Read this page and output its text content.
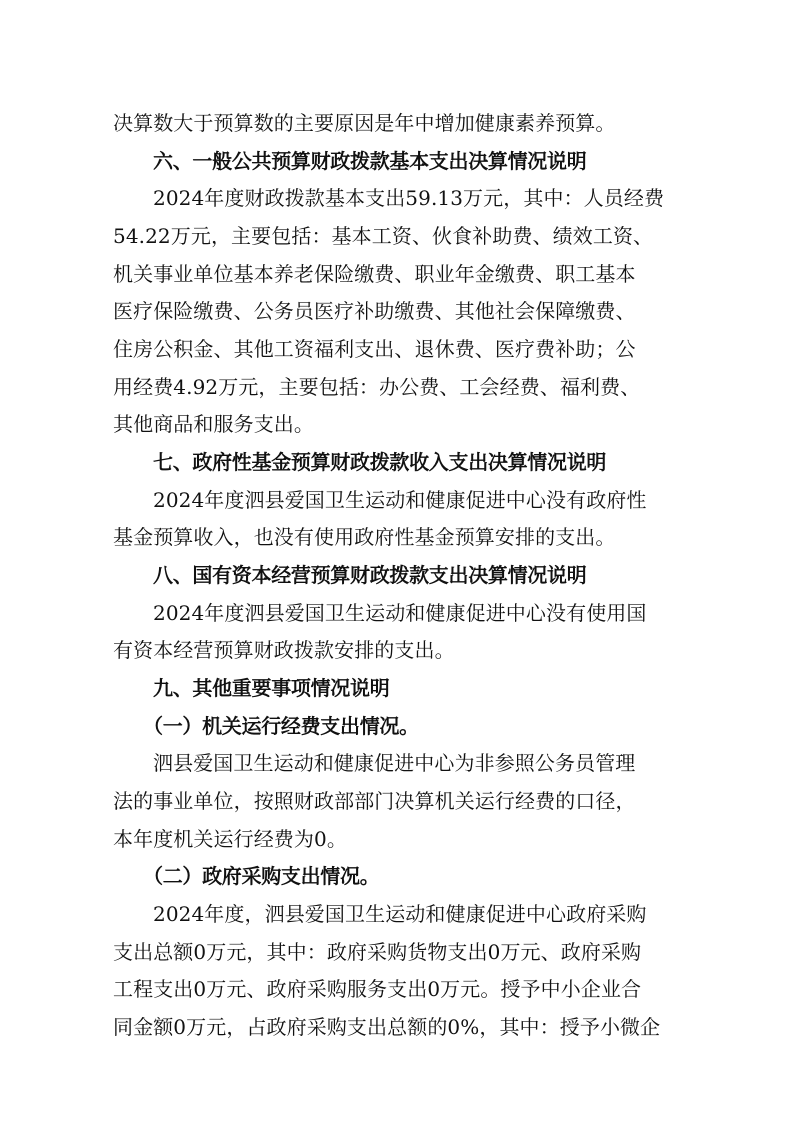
决算数大于预算数的主要原因是年中增加健康素养预算。
六、一般公共预算财政拨款基本支出决算情况说明
2024年度财政拨款基本支出59.13万元，其中：人员经费
54.22万元，主要包括：基本工资、伙食补助费、绩效工资、
机关事业单位基本养老保险缴费、职业年金缴费、职工基本
医疗保险缴费、公务员医疗补助缴费、其他社会保障缴费、
住房公积金、其他工资福利支出、退休费、医疗费补助；公
用经费4.92万元，主要包括：办公费、工会经费、福利费、
其他商品和服务支出。
七、政府性基金预算财政拨款收入支出决算情况说明
2024年度泗县爱国卫生运动和健康促进中心没有政府性
基金预算收入，也没有使用政府性基金预算安排的支出。
八、国有资本经营预算财政拨款支出决算情况说明
2024年度泗县爱国卫生运动和健康促进中心没有使用国
有资本经营预算财政拨款安排的支出。
九、其他重要事项情况说明
（一）机关运行经费支出情况。
泗县爱国卫生运动和健康促进中心为非参照公务员管理
法的事业单位，按照财政部部门决算机关运行经费的口径，
本年度机关运行经费为0。
（二）政府采购支出情况。
2024年度，泗县爱国卫生运动和健康促进中心政府采购
支出总额0万元，其中：政府采购货物支出0万元、政府采购
工程支出0万元、政府采购服务支出0万元。授予中小企业合
同金额0万元，占政府采购支出总额的0%，其中：授予小微企
